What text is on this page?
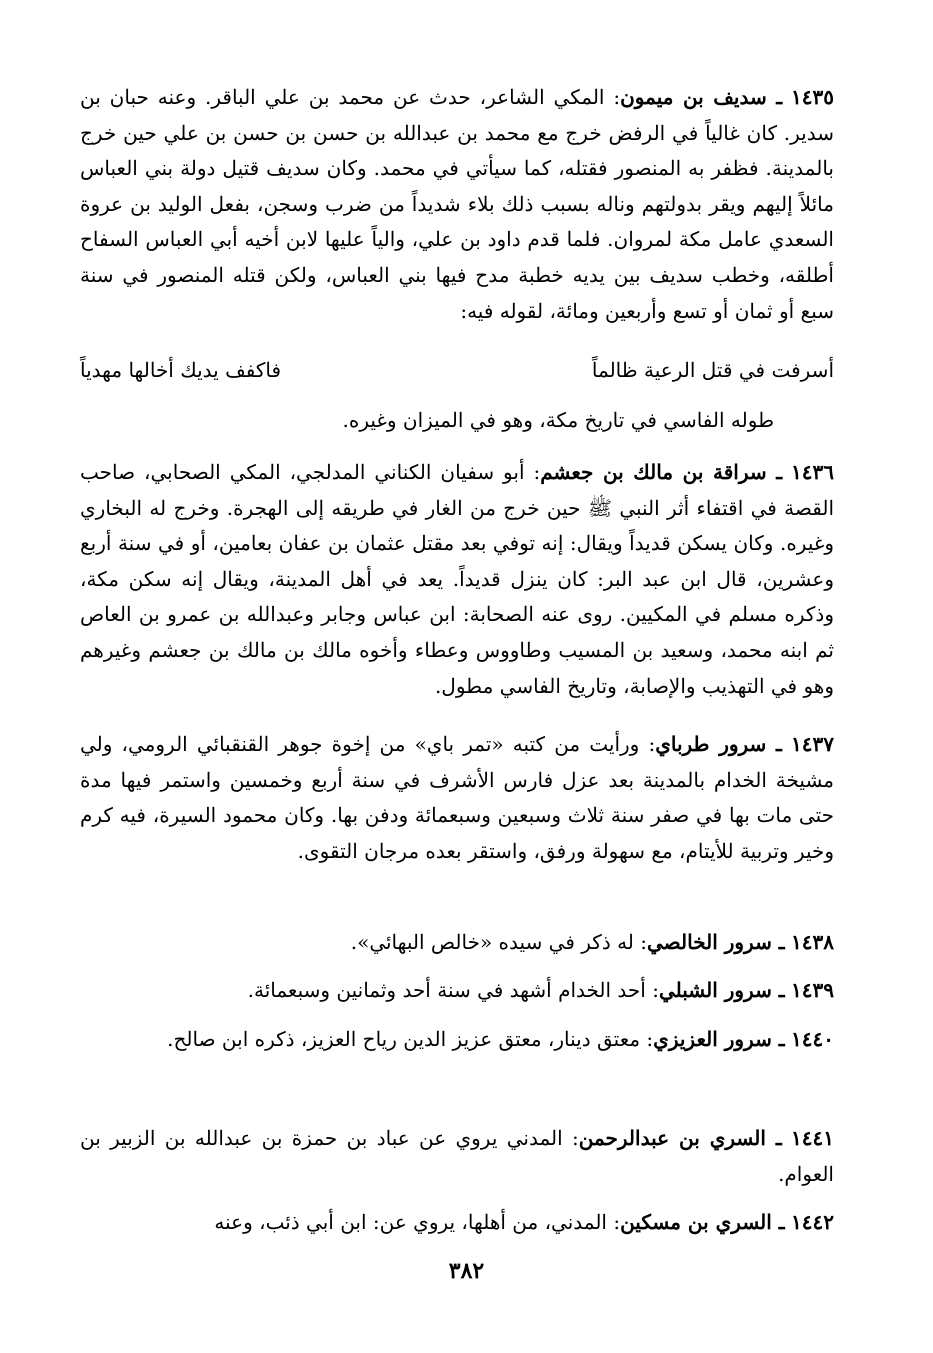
١٤٣٥ ـ سديف بن ميمون: المكي الشاعر، حدث عن محمد بن علي الباقر. وعنه حبان بن سدير. كان غالياً في الرفض خرج مع محمد بن عبدالله بن حسن بن حسن بن علي حين خرج بالمدينة. فظفر به المنصور فقتله، كما سيأتي في محمد. وكان سديف قتيل دولة بني العباس مائلاً إليهم ويقر بدولتهم وناله بسبب ذلك بلاء شديداً من ضرب وسجن، بفعل الوليد بن عروة السعدي عامل مكة لمروان. فلما قدم داود بن علي، والياً عليها لابن أخيه أبي العباس السفاح أطلقه، وخطب سديف بين يديه خطبة مدح فيها بني العباس، ولكن قتله المنصور في سنة سبع أو ثمان أو تسع وأربعين ومائة، لقوله فيه:

أسرفت في قتل الرعية ظالماً
فاكفف يديك أخالها مهدياً

طوله الفاسي في تاريخ مكة، وهو في الميزان وغيره.

١٤٣٦ ـ سراقة بن مالك بن جعشم: أبو سفيان الكناني المدلجي، المكي الصحابي، صاحب القصة في اقتفاء أثر النبي ﷺ حين خرج من الغار في طريقه إلى الهجرة. وخرج له البخاري وغيره. وكان يسكن قديداً ويقال: إنه توفي بعد مقتل عثمان بن عفان بعامين، أو في سنة أربع وعشرين، قال ابن عبد البر: كان ينزل قديداً. يعد في أهل المدينة، ويقال إنه سكن مكة، وذكره مسلم في المكيين. روى عنه الصحابة: ابن عباس وجابر وعبدالله بن عمرو بن العاص ثم ابنه محمد، وسعيد بن المسيب وطاووس وعطاء وأخوه مالك بن مالك بن جعشم وغيرهم وهو في التهذيب والإصابة، وتاريخ الفاسي مطول.

١٤٣٧ ـ سرور طرباي: ورأيت من كتبه «تمر باي» من إخوة جوهر القنقبائي الرومي، ولي مشيخة الخدام بالمدينة بعد عزل فارس الأشرف في سنة أربع وخمسين واستمر فيها مدة حتى مات بها في صفر سنة ثلاث وسبعين وسبعمائة ودفن بها. وكان محمود السيرة، فيه كرم وخير وتربية للأيتام، مع سهولة ورفق، واستقر بعده مرجان التقوى.

١٤٣٨ ـ سرور الخالصي: له ذكر في سيده «خالص البهائي».

١٤٣٩ ـ سرور الشبلي: أحد الخدام أشهد في سنة أحد وثمانين وسبعمائة.

١٤٤٠ ـ سرور العزيزي: معتق دينار، معتق عزيز الدين رياح العزيز، ذكره ابن صالح.

١٤٤١ ـ السري بن عبدالرحمن: المدني يروي عن عباد بن حمزة بن عبدالله بن الزبير بن العوام.

١٤٤٢ ـ السري بن مسكين: المدني، من أهلها، يروي عن: ابن أبي ذئب، وعنه

٣٨٢
